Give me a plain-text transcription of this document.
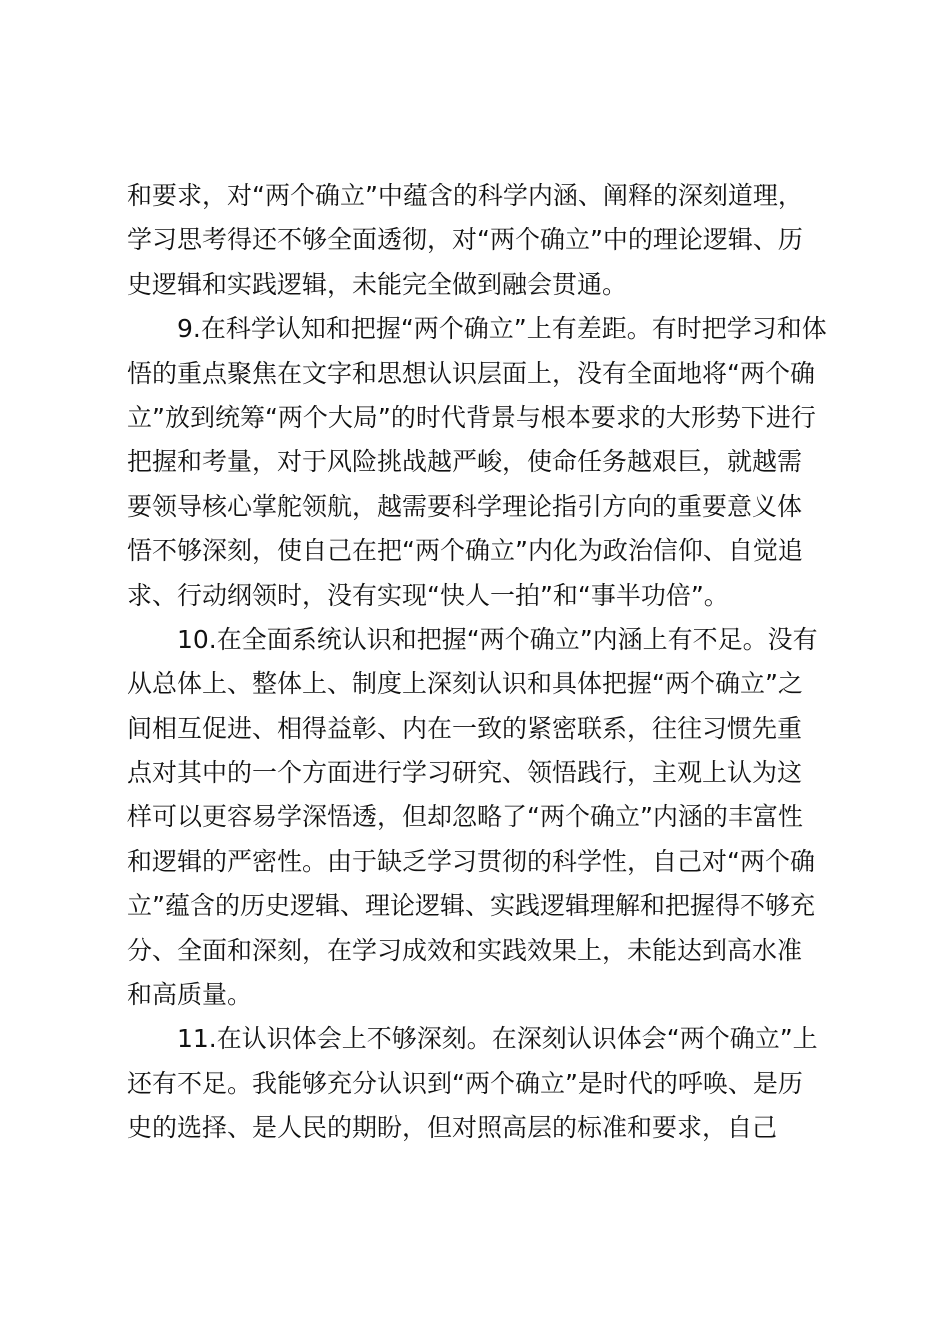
和要求，对“两个确立”中蕴含的科学内涵、阐释的深刻道理，
学习思考得还不够全面透彻，对“两个确立”中的理论逻辑、历
史逻辑和实践逻辑，未能完全做到融会贯通。
9.在科学认知和把握“两个确立”上有差距。有时把学习和体
悟的重点聚焦在文字和思想认识层面上，没有全面地将“两个确
立”放到统筹“两个大局”的时代背景与根本要求的大形势下进行
把握和考量，对于风险挑战越严峻，使命任务越艰巨，就越需
要领导核心掌舵领航，越需要科学理论指引方向的重要意义体
悟不够深刻，使自己在把“两个确立”内化为政治信仰、自觉追
求、行动纲领时，没有实现“快人一拍”和“事半功倍”。
10.在全面系统认识和把握“两个确立”内涵上有不足。没有
从总体上、整体上、制度上深刻认识和具体把握“两个确立”之
间相互促进、相得益彰、内在一致的紧密联系，往往习惯先重
点对其中的一个方面进行学习研究、领悟践行，主观上认为这
样可以更容易学深悟透，但却忽略了“两个确立”内涵的丰富性
和逻辑的严密性。由于缺乏学习贯彻的科学性，自己对“两个确
立”蕴含的历史逻辑、理论逻辑、实践逻辑理解和把握得不够充
分、全面和深刻，在学习成效和实践效果上，未能达到高水准
和高质量。
11.在认识体会上不够深刻。在深刻认识体会“两个确立”上
还有不足。我能够充分认识到“两个确立”是时代的呼唤、是历
史的选择、是人民的期盼，但对照高层的标准和要求，自己
